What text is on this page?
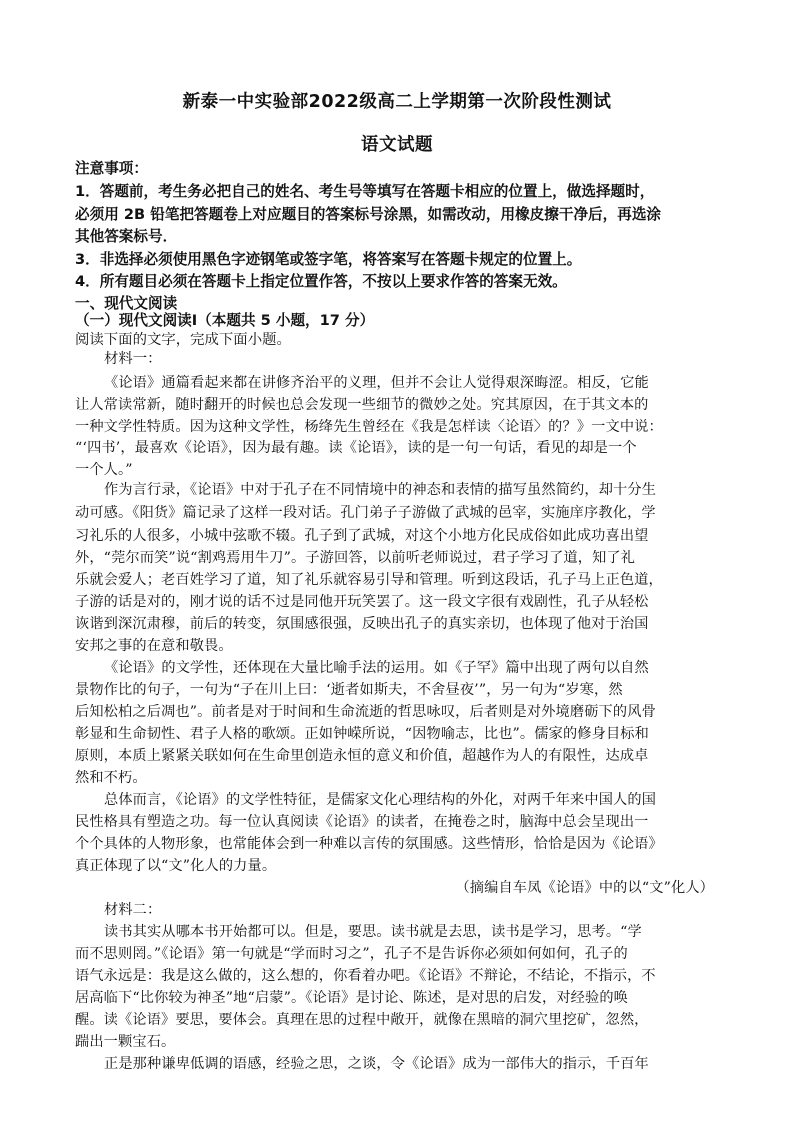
新泰一中实验部2022级高二上学期第一次阶段性测试
语文试题
注意事项：
1．答题前，考生务必把自己的姓名、考生号等填写在答题卡相应的位置上，做选择题时，
必须用 2B 铅笔把答题卷上对应题目的答案标号涂黑，如需改动，用橡皮擦干净后，再选涂
其他答案标号．
3．非选择必须使用黑色字迹钢笔或签字笔，将答案写在答题卡规定的位置上。
4．所有题目必须在答题卡上指定位置作答，不按以上要求作答的答案无效。
一、现代文阅读
（一）现代文阅读Ⅰ（本题共 5 小题，17 分）
阅读下面的文字，完成下面小题。
材料一：
《论语》通篇看起来都在讲修齐治平的义理，但并不会让人觉得艰深晦涩。相反，它能
让人常读常新，随时翻开的时候也总会发现一些细节的微妙之处。究其原因，在于其文本的
一种文学性特质。因为这种文学性，杨绛先生曾经在《我是怎样读〈论语〉的？》一文中说：
“‘四书’，最喜欢《论语》，因为最有趣。读《论语》，读的是一句一句话，看见的却是一个
一个人。”
作为言行录，《论语》中对于孔子在不同情境中的神态和表情的描写虽然简约，却十分生
动可感。《阳货》篇记录了这样一段对话。孔门弟子子游做了武城的邑宰，实施庠序教化，学
习礼乐的人很多，小城中弦歌不辍。孔子到了武城，对这个小地方化民成俗如此成功喜出望
外，“莞尔而笑”说“割鸡焉用牛刀”。子游回答，以前听老师说过，君子学习了道，知了礼
乐就会爱人；老百姓学习了道，知了礼乐就容易引导和管理。听到这段话，孔子马上正色道，
子游的话是对的，刚才说的话不过是同他开玩笑罢了。这一段文字很有戏剧性，孔子从轻松
诙谐到深沉肃穆，前后的转变，氛围感很强，反映出孔子的真实亲切，也体现了他对于治国
安邦之事的在意和敬畏。
《论语》的文学性，还体现在大量比喻手法的运用。如《子罕》篇中出现了两句以自然
景物作比的句子，一句为“子在川上曰：‘逝者如斯夫，不舍昼夜’”，另一句为“岁寒，然
后知松柏之后凋也”。前者是对于时间和生命流逝的哲思咏叹，后者则是对外境磨砺下的风骨
彰显和生命韧性、君子人格的歌颂。正如钟嵘所说，“因物喻志，比也”。儒家的修身目标和
原则，本质上紧紧关联如何在生命里创造永恒的意义和价值，超越作为人的有限性，达成卓
然和不朽。
总体而言，《论语》的文学性特征，是儒家文化心理结构的外化，对两千年来中国人的国
民性格具有塑造之功。每一位认真阅读《论语》的读者，在掩卷之时，脑海中总会呈现出一
个个具体的人物形象，也常能体会到一种难以言传的氛围感。这些情形，恰恰是因为《论语》
真正体现了以“文”化人的力量。
（摘编自车凤《论语》中的以“文”化人）
材料二：
读书其实从哪本书开始都可以。但是，要思。读书就是去思，读书是学习，思考。“学
而不思则罔。”《论语》第一句就是“学而时习之”，孔子不是告诉你必须如何如何，孔子的
语气永远是：我是这么做的，这么想的，你看着办吧。《论语》不辩论，不结论，不指示，不
居高临下“比你较为神圣”地“启蒙”。《论语》是讨论、陈述，是对思的启发，对经验的唤
醒。读《论语》要思，要体会。真理在思的过程中敞开，就像在黑暗的洞穴里挖矿，忽然，
踹出一颗宝石。
正是那种谦卑低调的语感，经验之思，之谈，令《论语》成为一部伟大的指示，千百年
